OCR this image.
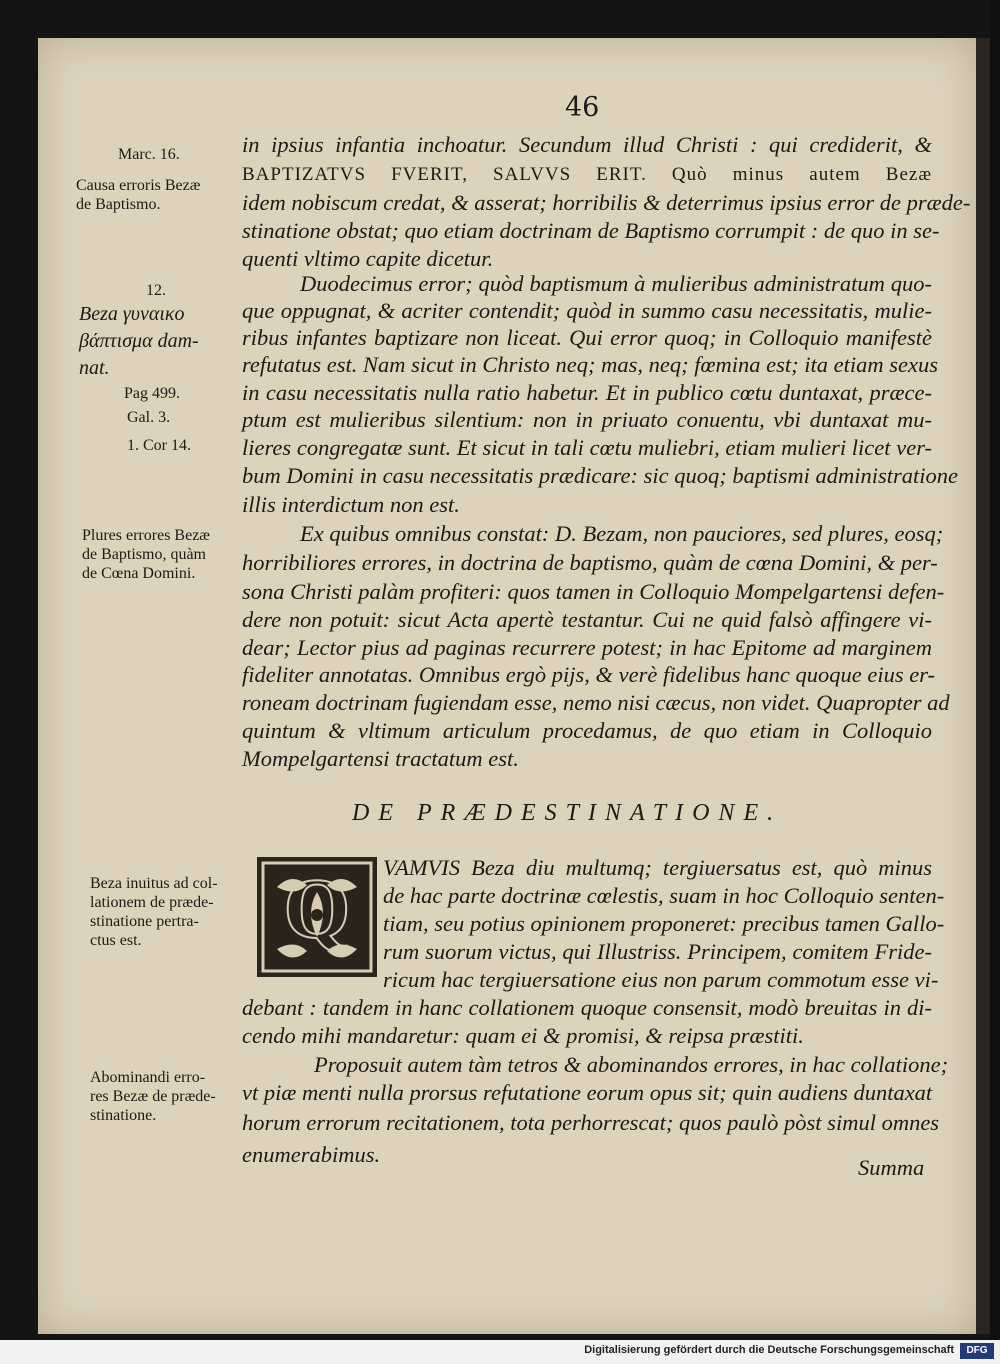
46
Marc. 16.
Causa erroris Bezæ
de Baptismo.
12.
Beza γυναικο
βάπτισμα dam-
nat.
Pag 499.
Gal. 3.
1. Cor 14.
Plures errores Bezæ
de Baptismo, quàm
de Cœna Domini.
Beza inuitus ad col-
lationem de præde-
stinatione pertra-
ctus est.
Abominandi erro-
res Bezæ de præde-
stinatione.
in ipsius infantia inchoatur. Secundum illud Christi : qui crediderit, &
BAPTIZATVS FVERIT, SALVVS ERIT. Quò minus autem Bezæ
idem nobiscum credat, & asserat; horribilis & deterrimus ipsius error de præde-
stinatione obstat; quo etiam doctrinam de Baptismo corrumpit : de quo in se-
quenti vltimo capite dicetur.
Duodecimus error; quòd baptismum à mulieribus administratum quo-
que oppugnat, & acriter contendit; quòd in summo casu necessitatis, mulie-
ribus infantes baptizare non liceat. Qui error quoq; in Colloquio manifestè
refutatus est. Nam sicut in Christo neq; mas, neq; fœmina est; ita etiam sexus
in casu necessitatis nulla ratio habetur. Et in publico cœtu duntaxat, præce-
ptum est mulieribus silentium: non in priuato conuentu, vbi duntaxat mu-
lieres congregatæ sunt. Et sicut in tali cœtu muliebri, etiam mulieri licet ver-
bum Domini in casu necessitatis prædicare: sic quoq; baptismi administratione
illis interdictum non est.
Ex quibus omnibus constat: D. Bezam, non pauciores, sed plures, eosq;
horribiliores errores, in doctrina de baptismo, quàm de cœna Domini, & per-
sona Christi palàm profiteri: quos tamen in Colloquio Mompelgartensi defen-
dere non potuit: sicut Acta apertè testantur. Cui ne quid falsò affingere vi-
dear; Lector pius ad paginas recurrere potest; in hac Epitome ad marginem
fideliter annotatas. Omnibus ergò pijs, & verè fidelibus hanc quoque eius er-
roneam doctrinam fugiendam esse, nemo nisi cæcus, non videt. Quapropter ad
quintum & vltimum articulum procedamus, de quo etiam in Colloquio
Mompelgartensi tractatum est.
DE PRÆDESTINATIONE.
Q VAMVIS Beza diu multumq; tergiuersatus est, quò minus
de hac parte doctrinæ cœlestis, suam in hoc Colloquio senten-
tiam, seu potius opinionem proponeret: precibus tamen Gallo-
rum suorum victus, qui Illustriss. Principem, comitem Fride-
ricum hac tergiuersatione eius non parum commotum esse vi-
debant : tandem in hanc collationem quoque consensit, modò breuitas in di-
cendo mihi mandaretur: quam ei & promisi, & reipsa præstiti.
Proposuit autem tàm tetros & abominandos errores, in hac collatione;
vt piæ menti nulla prorsus refutatione eorum opus sit; quin audiens duntaxat
horum errorum recitationem, tota perhorrescat; quos paulò pòst simul omnes
enumerabimus.
Summa
Digitalisierung gefördert durch die Deutsche Forschungsgemeinschaft	DFG
